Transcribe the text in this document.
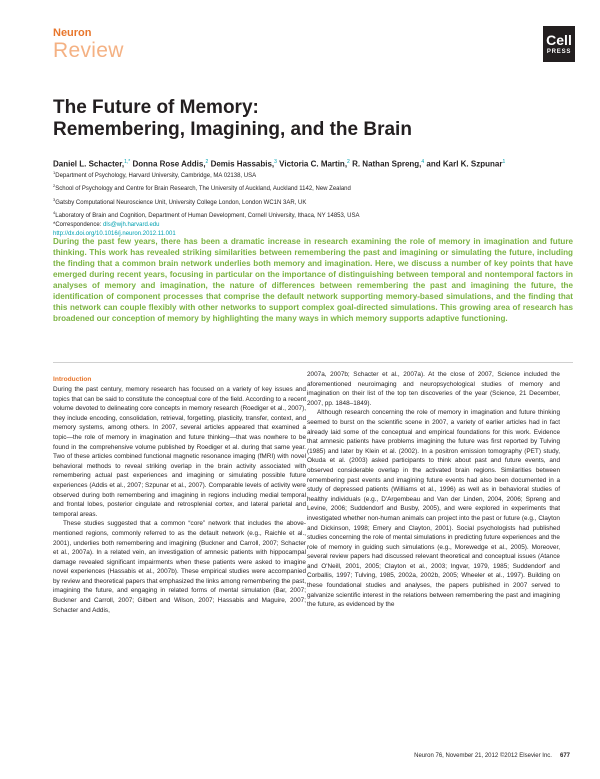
Neuron
Review	Cell
PRESS
The Future of Memory:
Remembering, Imagining, and the Brain
Daniel L. Schacter,$^{1,*}$ Donna Rose Addis,$^2$ Demis Hassabis,$^3$ Victoria C. Martin,$^2$ R. Nathan Spreng,$^4$ and Karl K. Szpunar$^1$
$^1$Department of Psychology, Harvard University, Cambridge, MA 02138, USA
$^2$School of Psychology and Centre for Brain Research, The University of Auckland, Auckland 1142, New Zealand
$^3$Gatsby Computational Neuroscience Unit, University College London, London WC1N 3AR, UK
$^4$Laboratory of Brain and Cognition, Department of Human Development, Cornell University, Ithaca, NY 14853, USA
*Correspondence: dls@wjh.harvard.edu
http://dx.doi.org/10.1016/j.neuron.2012.11.001
During the past few years, there has been a dramatic increase in research examining the role of memory in imagination and future thinking. This work has revealed striking similarities between remembering the past and imagining or simulating the future, including the finding that a common brain network underlies both memory and imagination. Here, we discuss a number of key points that have emerged during recent years, focusing in particular on the importance of distinguishing between temporal and nontemporal factors in analyses of memory and imagination, the nature of differences between remembering the past and imagining the future, the identification of component processes that comprise the default network supporting memory-based simulations, and the finding that this network can couple flexibly with other networks to support complex goal-directed simulations. This growing area of research has broadened our conception of memory by highlighting the many ways in which memory supports adaptive functioning.
Introduction

During the past century, memory research has focused on a variety of key issues and topics that can be said to constitute the conceptual core of the field. According to a recent volume devoted to delineating core concepts in memory research (Roediger et al., 2007), they include encoding, consolidation, retrieval, forgetting, plasticity, transfer, context, and memory systems, among others. In 2007, several articles appeared that examined a topic—the role of memory in imagination and future thinking—that was nowhere to be found in the comprehensive volume published by Roediger et al. during that same year. Two of these articles combined functional magnetic resonance imaging (fMRI) with novel behavioral methods to reveal striking overlap in the brain activity associated with remembering actual past experiences and imagining or simulating possible future experiences (Addis et al., 2007; Szpunar et al., 2007). Comparable levels of activity were observed during both remembering and imagining in regions including medial temporal and frontal lobes, posterior cingulate and retrosplenial cortex, and lateral parietal and temporal areas.

These studies suggested that a common “core” network that includes the above-mentioned regions, commonly referred to as the default network (e.g., Raichle et al., 2001), underlies both remembering and imagining (Buckner and Carroll, 2007; Schacter et al., 2007a). In a related vein, an investigation of amnesic patients with hippocampal damage revealed significant impairments when these patients were asked to imagine novel experiences (Hassabis et al., 2007b). These empirical studies were accompanied by review and theoretical papers that emphasized the links among remembering the past, imagining the future, and engaging in related forms of mental simulation (Bar, 2007; Buckner and Carroll, 2007; Gilbert and Wilson, 2007; Hassabis and Maguire, 2007; Schacter and Addis,

2007a, 2007b; Schacter et al., 2007a). At the close of 2007, Science included the aforementioned neuroimaging and neuropsychological studies of memory and imagination on their list of the top ten discoveries of the year (Science, 21 December, 2007, pp. 1848–1849).

Although research concerning the role of memory in imagination and future thinking seemed to burst on the scientific scene in 2007, a variety of earlier articles had in fact already laid some of the conceptual and empirical foundations for this work. Evidence that amnesic patients have problems imagining the future was first reported by Tulving (1985) and later by Klein et al. (2002). In a positron emission tomography (PET) study, Okuda et al. (2003) asked participants to think about past and future events, and observed considerable overlap in the activated brain regions. Similarities between remembering past events and imagining future events had also been documented in a study of depressed patients (Williams et al., 1996) as well as in behavioral studies of healthy individuals (e.g., D'Argembeau and Van der Linden, 2004, 2006; Spreng and Levine, 2006; Suddendorf and Busby, 2005), and were explored in experiments that investigated whether non-human animals can project into the past or future (e.g., Clayton and Dickinson, 1998; Emery and Clayton, 2001). Social psychologists had published studies concerning the role of mental simulations in predicting future experiences and the role of memory in guiding such simulations (e.g., Morewedge et al., 2005). Moreover, several review papers had discussed relevant theoretical and conceptual issues (Atance and O'Neill, 2001, 2005; Clayton et al., 2003; Ingvar, 1979, 1985; Suddendorf and Corballis, 1997; Tulving, 1985, 2002a, 2002b, 2005; Wheeler et al., 1997). Building on these foundational studies and analyses, the papers published in 2007 served to galvanize scientific interest in the relations between remembering the past and imagining the future, as evidenced by the

Neuron 76, November 21, 2012 ©2012 Elsevier Inc. 677
